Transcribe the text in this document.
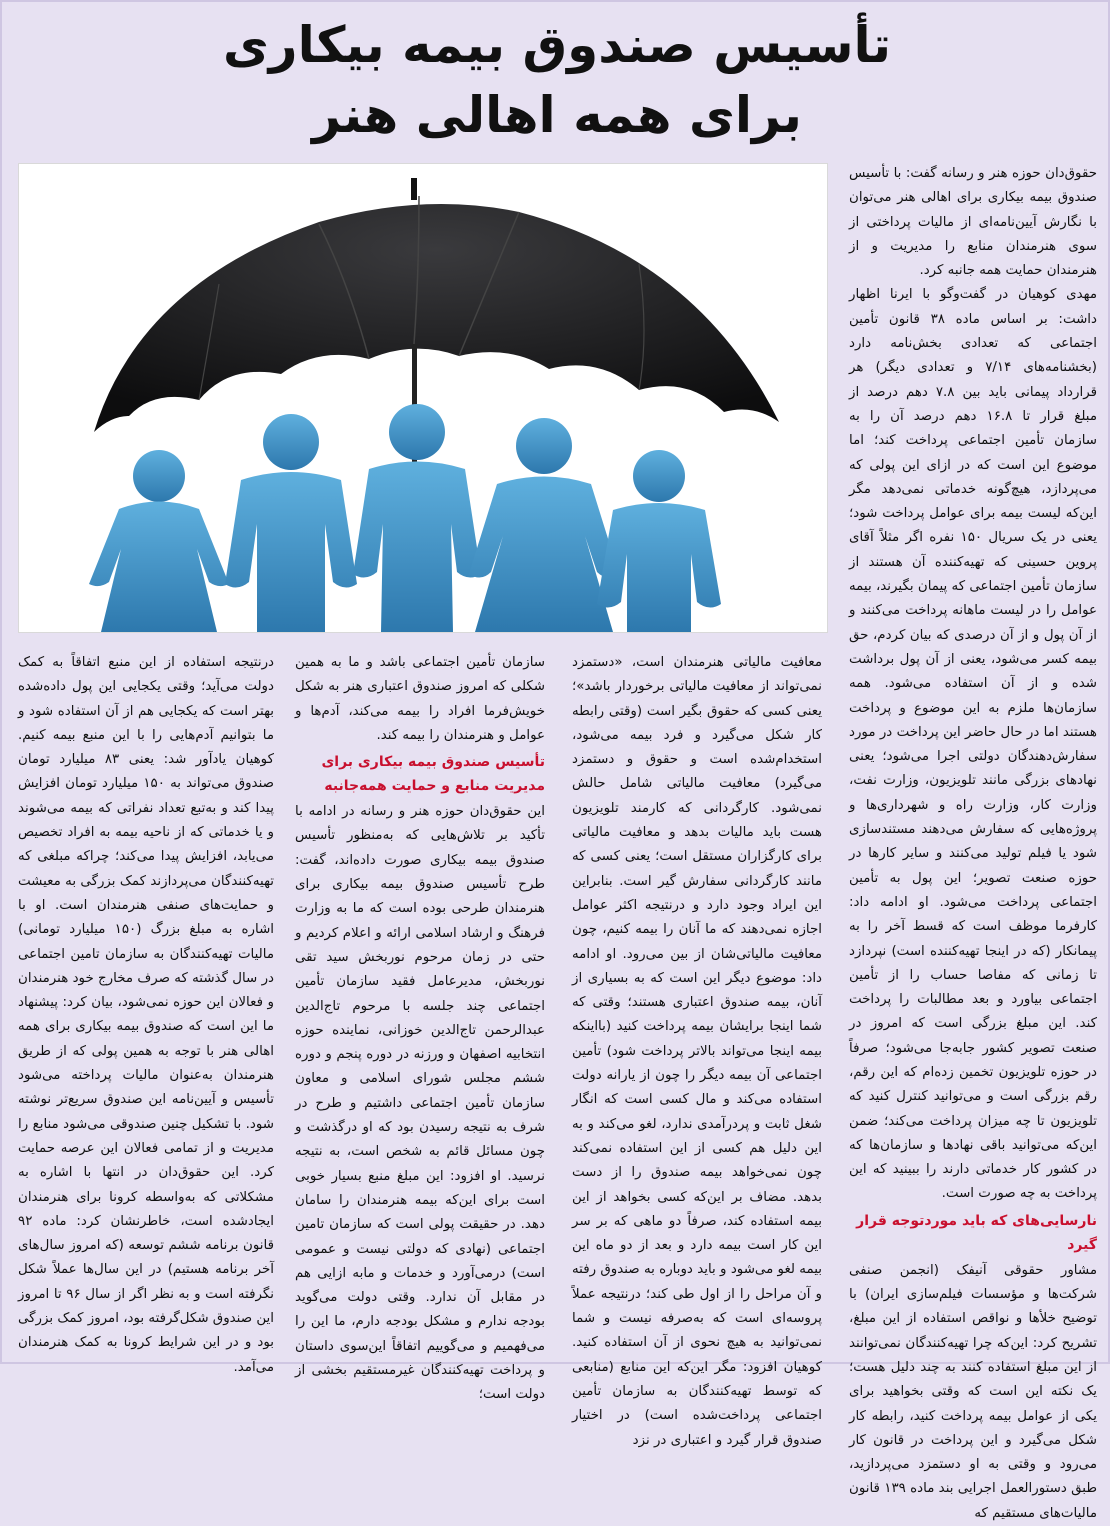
تأسیس صندوق بیمه بیکاری
برای همه اهالی هنر

حقوق‌دان حوزه هنر و رسانه گفت: با تأسیس صندوق بیمه بیکاری برای اهالی هنر می‌توان با نگارش آیین‌نامه‌ای از مالیات پرداختی از سوی هنرمندان منابع را مدیریت و از هنرمندان حمایت همه جانبه کرد.

مهدی کوهیان در گفت‌وگو با ایرنا اظهار داشت: بر اساس ماده ۳۸ قانون تأمین اجتماعی که تعدادی بخش‌نامه دارد (بخشنامه‌های ۷/۱۴ و تعدادی دیگر) هر قرارداد پیمانی باید بین ۷.۸ دهم درصد از مبلغ قرار تا ۱۶.۸ دهم درصد آن را به سازمان تأمین اجتماعی پرداخت کند؛ اما موضوع این است که در ازای این پولی که می‌پردازد، هیچ‌گونه خدماتی نمی‌دهد مگر این‌که لیست بیمه برای عوامل پرداخت شود؛ یعنی در یک سریال ۱۵۰ نفره اگر مثلاً آقای پروین حسینی که تهیه‌کننده آن هستند از سازمان تأمین اجتماعی که پیمان بگیرند، بیمه عوامل را در لیست ماهانه پرداخت می‌کنند و از آن پول و از آن درصدی که بیان کردم، حق بیمه کسر می‌شود، یعنی از آن پول برداشت شده و از آن استفاده می‌شود. همه سازمان‌ها ملزم به این موضوع و پرداخت هستند اما در حال حاضر این پرداخت در مورد سفارش‌دهندگان دولتی اجرا می‌شود؛ یعنی نهادهای بزرگی مانند تلویزیون، وزارت نفت، وزارت کار، وزارت راه و شهرداری‌ها و پروژه‌هایی که سفارش می‌دهند مستندسازی شود یا فیلم تولید می‌کنند و سایر کارها در حوزه صنعت تصویر؛ این پول به تأمین اجتماعی پرداخت می‌شود. او ادامه داد: کارفرما موظف است که قسط آخر را به پیمانکار (که در اینجا تهیه‌کننده است) نپردازد تا زمانی که مفاصا حساب را از تأمین اجتماعی بیاورد و بعد مطالبات را پرداخت کند. این مبلغ بزرگی است که امروز در صنعت تصویر کشور جابه‌جا می‌شود؛ صرفاً در حوزه تلویزیون تخمین زده‌ام که این رقم، رقم بزرگی است و می‌توانید کنترل کنید که تلویزیون تا چه میزان پرداخت می‌کند؛ ضمن این‌که می‌توانید باقی نهادها و سازمان‌ها که در کشور کار خدماتی دارند را ببینید که این پرداخت به چه صورت است.

نارسایی‌های که باید موردتوجه قرار گیرد

مشاور حقوقی آنیفک (انجمن صنفی شرکت‌ها و مؤسسات فیلم‌سازی ایران) با توضیح خلأها و نواقص استفاده از این مبلغ، تشریح کرد: این‌که چرا تهیه‌کنندگان نمی‌توانند از این مبلغ استفاده کنند به چند دلیل هست؛ یک نکته این است که وقتی بخواهید برای یکی از عوامل بیمه پرداخت کنید، رابطه کار شکل می‌گیرد و این پرداخت در قانون کار می‌رود و وقتی به او دستمزد می‌پردازید، طبق دستورالعمل اجرایی بند ماده ۱۳۹ قانون مالیات‌های مستقیم که

معافیت مالیاتی هنرمندان است، «دستمزد نمی‌تواند از معافیت مالیاتی برخوردار باشد»؛ یعنی کسی که حقوق بگیر است (وقتی رابطه کار شکل می‌گیرد و فرد بیمه می‌شود، استخدام‌شده است و حقوق و دستمزد می‌گیرد) معافیت مالیاتی شامل حالش نمی‌شود. کارگردانی که کارمند تلویزیون هست باید مالیات بدهد و معافیت مالیاتی برای کارگزاران مستقل است؛ یعنی کسی که مانند کارگردانی سفارش گیر است. بنابراین این ایراد وجود دارد و درنتیجه اکثر عوامل اجازه نمی‌دهند که ما آنان را بیمه کنیم، چون معافیت مالیاتی‌شان از بین می‌رود. او ادامه داد: موضوع دیگر این است که به بسیاری از آنان، بیمه صندوق اعتباری هستند؛ وقتی که شما اینجا برایشان بیمه پرداخت کنید (بااینکه بیمه اینجا می‌تواند بالاتر پرداخت شود) تأمین اجتماعی آن بیمه دیگر را چون از یارانه دولت استفاده می‌کند و مال کسی است که انگار شغل ثابت و پردرآمدی ندارد، لغو می‌کند و به این دلیل هم کسی از این استفاده نمی‌کند چون نمی‌خواهد بیمه صندوق را از دست بدهد. مضاف بر این‌که کسی بخواهد از این بیمه استفاده کند، صرفاً دو ماهی که بر سر این کار است بیمه دارد و بعد از دو ماه این بیمه لغو می‌شود و باید دوباره به صندوق رفته و آن مراحل را از اول طی کند؛ درنتیجه عملاً پروسه‌ای است که به‌صرفه نیست و شما نمی‌توانید به هیچ نحوی از آن استفاده کنید. کوهیان افزود: مگر این‌که این منابع (منابعی که توسط تهیه‌کنندگان به سازمان تأمین اجتماعی پرداخت‌شده است) در اختیار صندوق قرار گیرد و اعتباری در نزد

سازمان تأمین اجتماعی باشد و ما به همین شکلی که امروز صندوق اعتباری هنر به شکل خویش‌فرما افراد را بیمه می‌کند، آدم‌ها و عوامل و هنرمندان را بیمه کند.

تأسیس صندوق بیمه بیکاری برای مدیریت منابع و حمایت همه‌جانبه

این حقوق‌دان حوزه هنر و رسانه در ادامه با تأکید بر تلاش‌هایی که به‌منظور تأسیس صندوق بیمه بیکاری صورت داده‌اند، گفت: طرح تأسیس صندوق بیمه بیکاری برای هنرمندان طرحی بوده است که ما به وزارت فرهنگ و ارشاد اسلامی ارائه و اعلام کردیم و حتی در زمان مرحوم نوربخش سید تقی نوربخش، مدیرعامل فقید سازمان تأمین اجتماعی چند جلسه با مرحوم تاج‌الدین عبدالرحمن تاج‌الدین خوزانی، نماینده حوزه انتخابیه اصفهان و ورزنه در دوره پنجم و دوره ششم مجلس شورای اسلامی و معاون سازمان تأمین اجتماعی داشتیم و طرح در شرف به نتیجه رسیدن بود که او درگذشت و چون مسائل قائم به شخص است، به نتیجه نرسید. او افزود: این مبلغ منبع بسیار خوبی است برای این‌که بیمه هنرمندان را سامان دهد. در حقیقت پولی است که سازمان تامین اجتماعی (نهادی که دولتی نیست و عمومی است) درمی‌آورد و خدمات و مابه ازایی هم در مقابل آن ندارد. وقتی دولت می‌گوید بودجه ندارم و مشکل بودجه دارم، ما این را می‌فهمیم و می‌گوییم اتفاقاً این‌سوی داستان و پرداخت تهیه‌کنندگان غیرمستقیم بخشی از دولت است؛

درنتیجه استفاده از این منبع اتفاقاً به کمک دولت می‌آید؛ وقتی یکجایی این پول داده‌شده بهتر است که یکجایی هم از آن استفاده شود و ما بتوانیم آدم‌هایی را با این منبع بیمه کنیم. کوهیان یادآور شد: یعنی ۸۳ میلیارد تومان صندوق می‌تواند به ۱۵۰ میلیارد تومان افزایش پیدا کند و به‌تبع تعداد نفراتی که بیمه می‌شوند و یا خدماتی که از ناحیه بیمه به افراد تخصیص می‌یابد، افزایش پیدا می‌کند؛ چراکه مبلغی که تهیه‌کنندگان می‌پردازند کمک بزرگی به معیشت و حمایت‌های صنفی هنرمندان است. او با اشاره به مبلغ بزرگ (۱۵۰ میلیارد تومانی) مالیات تهیه‌کنندگان به سازمان تامین اجتماعی در سال گذشته که صرف مخارج خود هنرمندان و فعالان این حوزه نمی‌شود، بیان کرد: پیشنهاد ما این است که صندوق بیمه بیکاری برای همه اهالی هنر با توجه به همین پولی که از طریق هنرمندان به‌عنوان مالیات پرداخته می‌شود تأسیس و آیین‌نامه این صندوق سریع‌تر نوشته شود. با تشکیل چنین صندوقی می‌شود منابع را مدیریت و از تمامی فعالان این عرصه حمایت کرد. این حقوق‌دان در انتها با اشاره به مشکلاتی که به‌واسطه کرونا برای هنرمندان ایجادشده است، خاطرنشان کرد: ماده ۹۲ قانون برنامه ششم توسعه (که امروز سال‌های آخر برنامه هستیم) در این سال‌ها عملاً شکل نگرفته است و به نظر اگر از سال ۹۶ تا امروز این صندوق شکل‌گرفته بود، امروز کمک بزرگی بود و در این شرایط کرونا به کمک هنرمندان می‌آمد.
